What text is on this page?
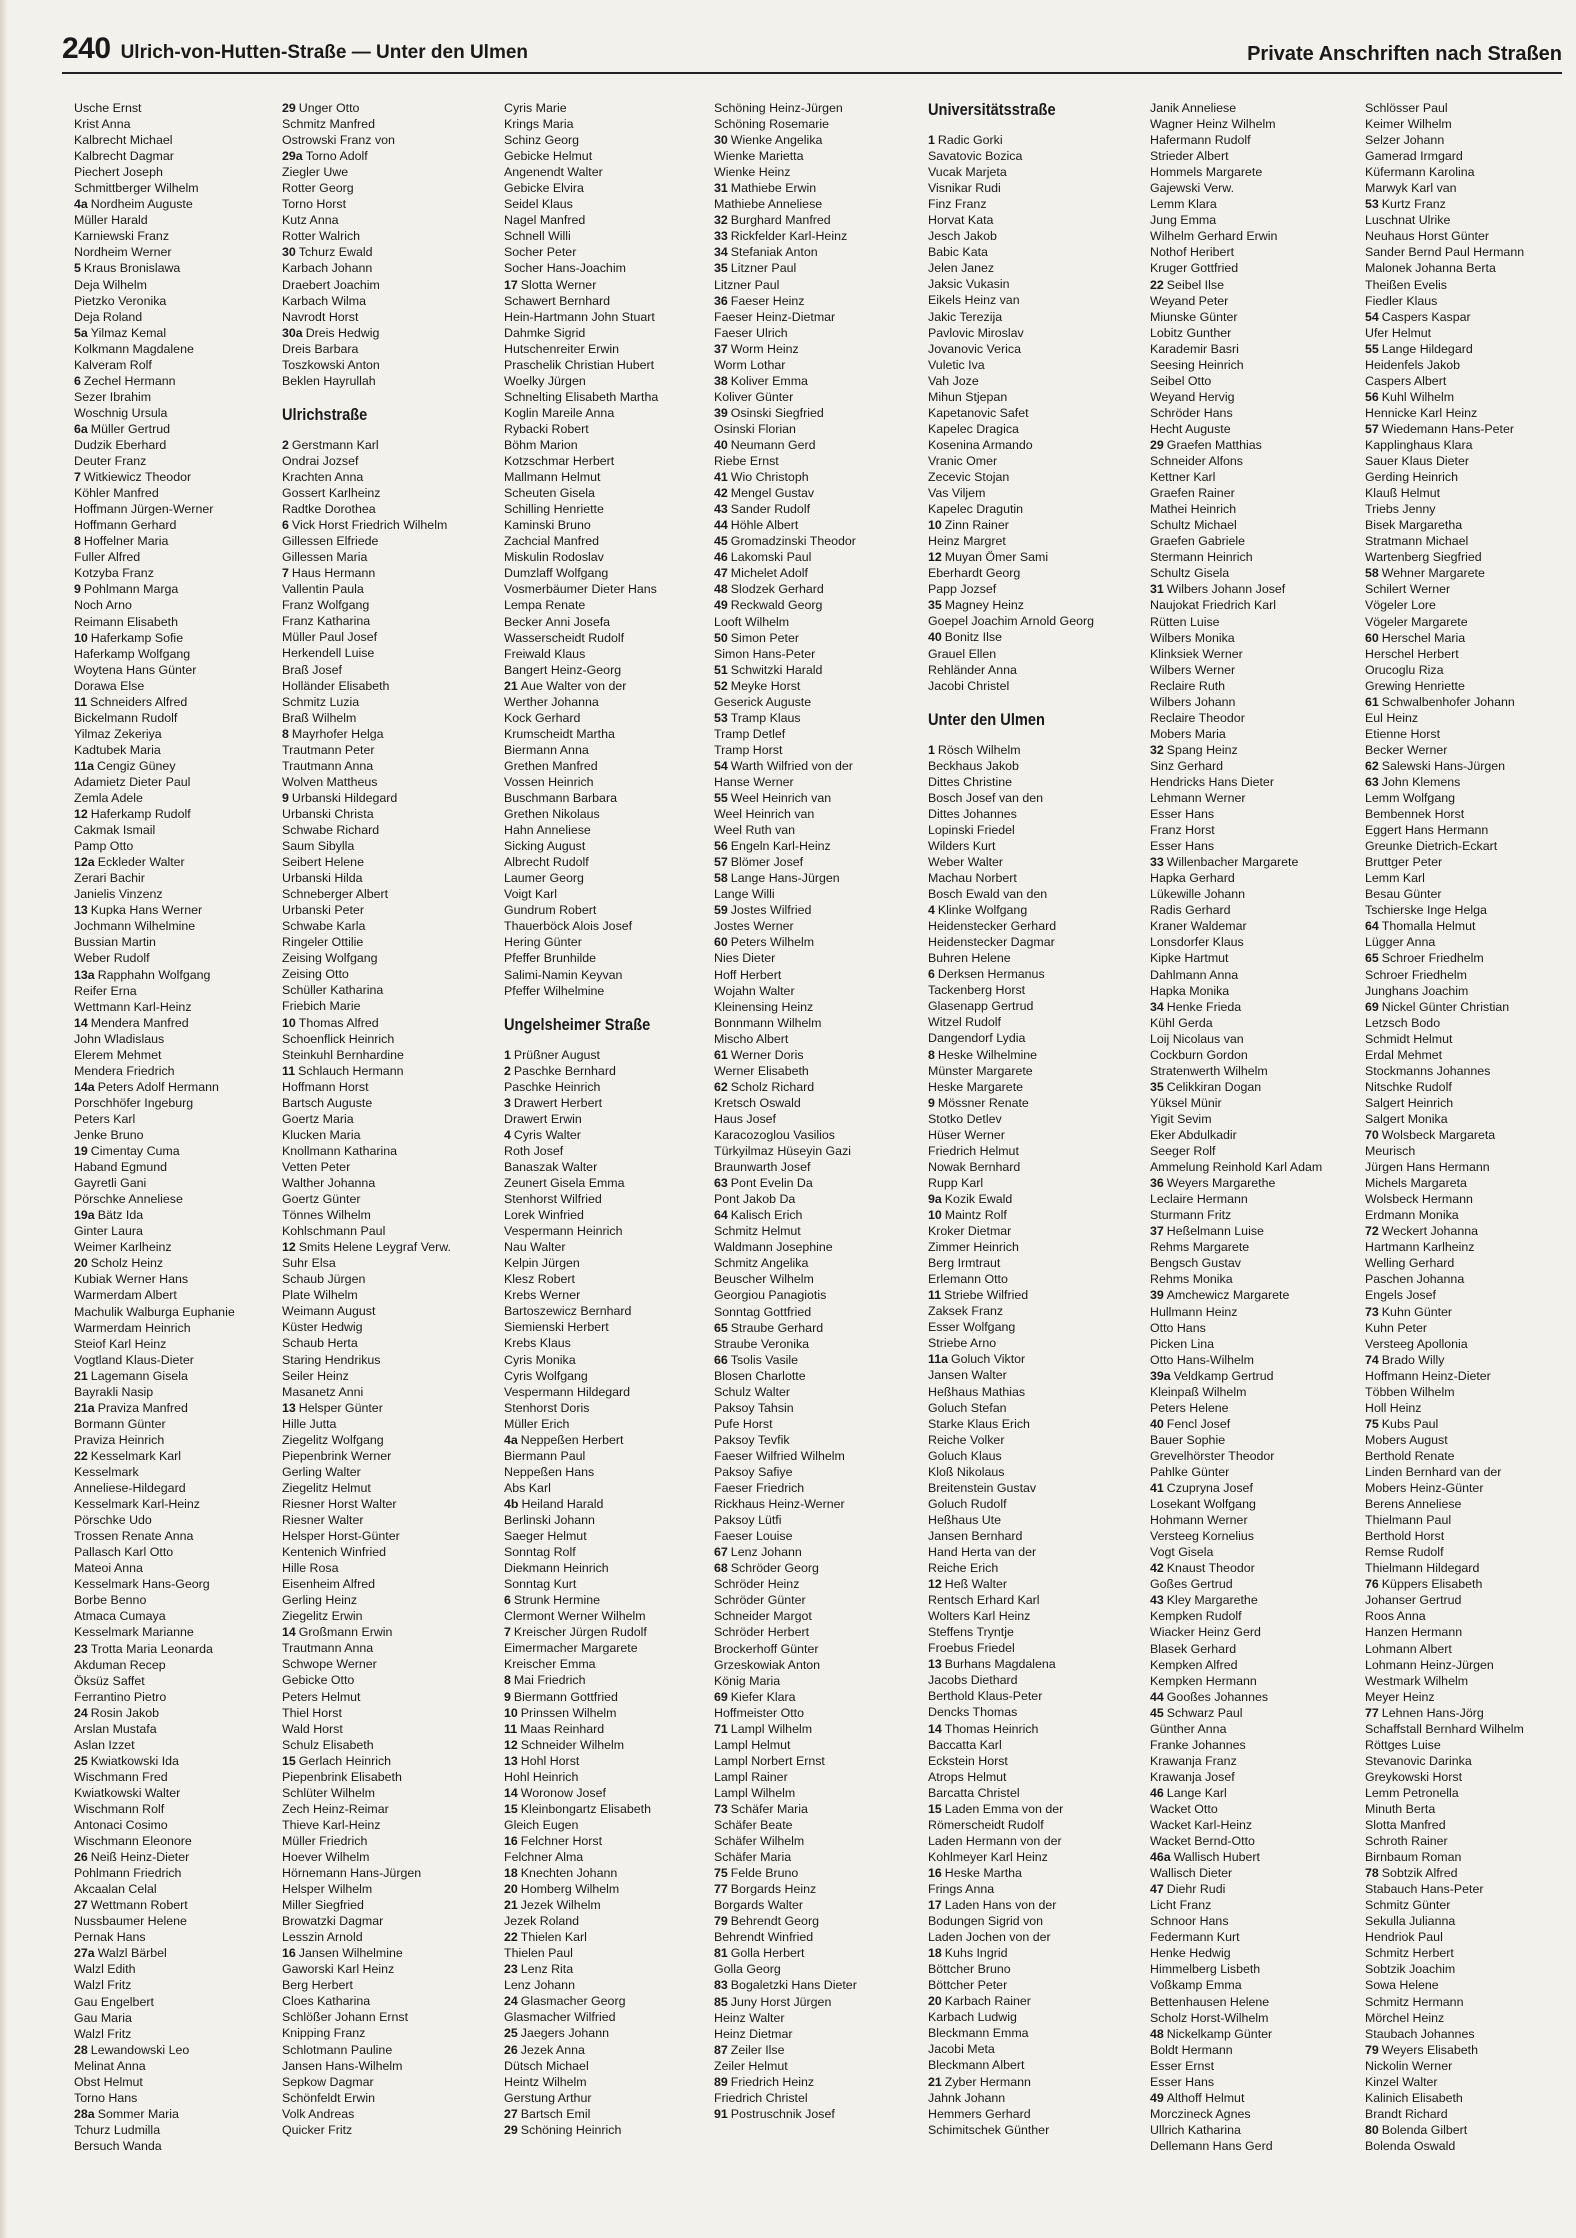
240 Ulrich-von-Hutten-Straße — Unter den Ulmen	Private Anschriften nach Straßen
Usche Ernst
Krist Anna
Kalbrecht Michael
Kalbrecht Dagmar
Piechert Joseph
Schmittberger Wilhelm
4a Nordheim Auguste
Müller Harald
Karniewski Franz
Nordheim Werner
5 Kraus Bronislawa
Deja Wilhelm
Pietzko Veronika
Deja Roland
5a Yilmaz Kemal
Kolkmann Magdalene
Kalveram Rolf
6 Zechel Hermann
Sezer Ibrahim
Woschnig Ursula
6a Müller Gertrud
Dudzik Eberhard
Deuter Franz
7 Witkiewicz Theodor
Köhler Manfred
Hoffmann Jürgen-Werner
Hoffmann Gerhard
8 Hoffelner Maria
Fuller Alfred
Kotzyba Franz
9 Pohlmann Marga
Noch Arno
Reimann Elisabeth
10 Haferkamp Sofie
Haferkamp Wolfgang
Woytena Hans Günter
Dorawa Else
11 Schneiders Alfred
Bickelmann Rudolf
Yilmaz Zekeriya
Kadtubek Maria
11a Cengiz Güney
Adamietz Dieter Paul
Zemla Adele
12 Haferkamp Rudolf
Cakmak Ismail
Pamp Otto
12a Eckleder Walter
Zerari Bachir
Janielis Vinzenz
13 Kupka Hans Werner
Jochmann Wilhelmine
Bussian Martin
Weber Rudolf
13a Rapphahn Wolfgang
Reifer Erna
Wettmann Karl-Heinz
14 Mendera Manfred
John Wladislaus
Elerem Mehmet
Mendera Friedrich
14a Peters Adolf Hermann
Porschhöfer Ingeburg
Peters Karl
Jenke Bruno
19 Cimentay Cuma
Haband Egmund
Gayretli Gani
Pörschke Anneliese
19a Bätz Ida
Ginter Laura
Weimer Karlheinz
20 Scholz Heinz
Kubiak Werner Hans
Warmerdam Albert
Machulik Walburga Euphanie
Warmerdam Heinrich
Steiof Karl Heinz
Vogtland Klaus-Dieter
21 Lagemann Gisela
Bayrakli Nasip
21a Praviza Manfred
Bormann Günter
Praviza Heinrich
22 Kesselmark Karl
Kesselmark
Anneliese-Hildegard
Kesselmark Karl-Heinz
Pörschke Udo
Trossen Renate Anna
Pallasch Karl Otto
Mateoi Anna
Kesselmark Hans-Georg
Borbe Benno
Atmaca Cumaya
Kesselmark Marianne
23 Trotta Maria Leonarda
Akduman Recep
Öksüz Saffet
Ferrantino Pietro
24 Rosin Jakob
Arslan Mustafa
Aslan Izzet
25 Kwiatkowski Ida
Wischmann Fred
Kwiatkowski Walter
Wischmann Rolf
Antonaci Cosimo
Wischmann Eleonore
26 Neiß Heinz-Dieter
Pohlmann Friedrich
Akcaalan Celal
27 Wettmann Robert
Nussbaumer Helene
Pernak Hans
27a Walzl Bärbel
Walzl Edith
Walzl Fritz
Gau Engelbert
Gau Maria
Walzl Fritz
28 Lewandowski Leo
Melinat Anna
Obst Helmut
Torno Hans
28a Sommer Maria
Tchurz Ludmilla
Bersuch Wanda
29 Unger Otto
Schmitz Manfred
Ostrowski Franz von
29a Torno Adolf
Ziegler Uwe
Rotter Georg
Torno Horst
Kutz Anna
Rotter Walrich
30 Tchurz Ewald
Karbach Johann
Draebert Joachim
Karbach Wilma
Navrodt Horst
30a Dreis Hedwig
Dreis Barbara
Toszkowski Anton
Beklen Hayrullah
Ulrichstraße
2 Gerstmann Karl
Ondrai Jozsef
Krachten Anna
Gossert Karlheinz
Radtke Dorothea
6 Vick Horst Friedrich Wilhelm
Gillessen Elfriede
Gillessen Maria
7 Haus Hermann
Vallentin Paula
Franz Wolfgang
Franz Katharina
Müller Paul Josef
Herkendell Luise
Braß Josef
Holländer Elisabeth
Schmitz Luzia
Braß Wilhelm
8 Mayrhofer Helga
Trautmann Peter
Trautmann Anna
Wolven Mattheus
9 Urbanski Hildegard
Urbanski Christa
Schwabe Richard
Saum Sibylla
Seibert Helene
Urbanski Hilda
Schneberger Albert
Urbanski Peter
Schwabe Karla
Ringeler Ottilie
Zeising Wolfgang
Zeising Otto
Schüller Katharina
Friebich Marie
10 Thomas Alfred
Schoenflick Heinrich
Steinkuhl Bernhardine
11 Schlauch Hermann
Hoffmann Horst
Bartsch Auguste
Goertz Maria
Klucken Maria
Knollmann Katharina
Vetten Peter
Walther Johanna
Goertz Günter
Tönnes Wilhelm
Kohlschmann Paul
12 Smits Helene Leygraf Verw.
Suhr Elsa
Schaub Jürgen
Plate Wilhelm
Weimann August
Küster Hedwig
Schaub Herta
Staring Hendrikus
Seiler Heinz
Masanetz Anni
13 Helsper Günter
Hille Jutta
Ziegelitz Wolfgang
Piepenbrink Werner
Gerling Walter
Ziegelitz Helmut
Riesner Horst Walter
Riesner Walter
Helsper Horst-Günter
Kentenich Winfried
Hille Rosa
Eisenheim Alfred
Gerling Heinz
Ziegelitz Erwin
14 Großmann Erwin
Trautmann Anna
Schwope Werner
Gebicke Otto
Peters Helmut
Thiel Horst
Wald Horst
Schulz Elisabeth
15 Gerlach Heinrich
Piepenbrink Elisabeth
Schlüter Wilhelm
Zech Heinz-Reimar
Thieve Karl-Heinz
Müller Friedrich
Hoever Wilhelm
Hörnemann Hans-Jürgen
Helsper Wilhelm
Miller Siegfried
Browatzki Dagmar
Lesszin Arnold
16 Jansen Wilhelmine
Gaworski Karl Heinz
Berg Herbert
Cloes Katharina
Schlößer Johann Ernst
Knipping Franz
Schlotmann Pauline
Jansen Hans-Wilhelm
Sepkow Dagmar
Schönfeldt Erwin
Volk Andreas
Quicker Fritz
Cyris Marie
Krings Maria
Schinz Georg
Gebicke Helmut
Angenendt Walter
Gebicke Elvira
Seidel Klaus
Nagel Manfred
Schnell Willi
Socher Peter
Socher Hans-Joachim
17 Slotta Werner
Schawert Bernhard
Hein-Hartmann John Stuart
Dahmke Sigrid
Hutschenreiter Erwin
Praschelik Christian Hubert
Woelky Jürgen
Schnelting Elisabeth Martha
Koglin Mareile Anna
Rybacki Robert
Böhm Marion
Kotzschmar Herbert
Mallmann Helmut
Scheuten Gisela
Schilling Henriette
Kaminski Bruno
Zachcial Manfred
Miskulin Rodoslav
Dumzlaff Wolfgang
Vosmerbäumer Dieter Hans
Lempa Renate
Becker Anni Josefa
Wasserscheidt Rudolf
Freiwald Klaus
Bangert Heinz-Georg
21 Aue Walter von der
Werther Johanna
Kock Gerhard
Krumscheidt Martha
Biermann Anna
Grethen Manfred
Vossen Heinrich
Buschmann Barbara
Grethen Nikolaus
Hahn Anneliese
Sicking August
Albrecht Rudolf
Laumer Georg
Voigt Karl
Gundrum Robert
Thauerböck Alois Josef
Hering Günter
Pfeffer Brunhilde
Salimi-Namin Keyvan
Pfeffer Wilhelmine
Ungelsheimer Straße
1 Prüßner August
2 Paschke Bernhard
Paschke Heinrich
3 Drawert Herbert
Drawert Erwin
4 Cyris Walter
Roth Josef
Banaszak Walter
Zeunert Gisela Emma
Stenhorst Wilfried
Lorek Winfried
Vespermann Heinrich
Nau Walter
Kelpin Jürgen
Klesz Robert
Krebs Werner
Bartoszewicz Bernhard
Siemienski Herbert
Krebs Klaus
Cyris Monika
Cyris Wolfgang
Vespermann Hildegard
Stenhorst Doris
Müller Erich
4a Neppeßen Herbert
Biermann Paul
Neppeßen Hans
Abs Karl
4b Heiland Harald
Berlinski Johann
Saeger Helmut
Sonntag Rolf
Diekmann Heinrich
Sonntag Kurt
6 Strunk Hermine
Clermont Werner Wilhelm
7 Kreischer Jürgen Rudolf
Eimermacher Margarete
Kreischer Emma
8 Mai Friedrich
9 Biermann Gottfried
10 Prinssen Wilhelm
11 Maas Reinhard
12 Schneider Wilhelm
13 Hohl Horst
Hohl Heinrich
14 Woronow Josef
15 Kleinbongartz Elisabeth
Gleich Eugen
16 Felchner Horst
Felchner Alma
18 Knechten Johann
20 Homberg Wilhelm
21 Jezek Wilhelm
Jezek Roland
22 Thielen Karl
Thielen Paul
23 Lenz Rita
Lenz Johann
24 Glasmacher Georg
Glasmacher Wilfried
25 Jaegers Johann
26 Jezek Anna
Dütsch Michael
Heintz Wilhelm
Gerstung Arthur
27 Bartsch Emil
29 Schöning Heinrich
Schöning Heinz-Jürgen
Schöning Rosemarie
30 Wienke Angelika
Wienke Marietta
Wienke Heinz
31 Mathiebe Erwin
Mathiebe Anneliese
32 Burghard Manfred
33 Rickfelder Karl-Heinz
34 Stefaniak Anton
35 Litzner Paul
Litzner Paul
36 Faeser Heinz
Faeser Heinz-Dietmar
Faeser Ulrich
37 Worm Heinz
Worm Lothar
38 Koliver Emma
Koliver Günter
39 Osinski Siegfried
Osinski Florian
40 Neumann Gerd
Riebe Ernst
41 Wio Christoph
42 Mengel Gustav
43 Sander Rudolf
44 Höhle Albert
45 Gromadzinski Theodor
46 Lakomski Paul
47 Michelet Adolf
48 Slodzek Gerhard
49 Reckwald Georg
Looft Wilhelm
50 Simon Peter
Simon Hans-Peter
51 Schwitzki Harald
52 Meyke Horst
Geserick Auguste
53 Tramp Klaus
Tramp Detlef
Tramp Horst
54 Warth Wilfried von der
Hanse Werner
55 Weel Heinrich van
Weel Heinrich van
Weel Ruth van
56 Engeln Karl-Heinz
57 Blömer Josef
58 Lange Hans-Jürgen
Lange Willi
59 Jostes Wilfried
Jostes Werner
60 Peters Wilhelm
Nies Dieter
Hoff Herbert
Wojahn Walter
Kleinensing Heinz
Bonnmann Wilhelm
Mischo Albert
61 Werner Doris
Werner Elisabeth
62 Scholz Richard
Kretsch Oswald
Haus Josef
Karacozoglou Vasilios
Türkyilmaz Hüseyin Gazi
Braunwarth Josef
63 Pont Evelin Da
Pont Jakob Da
64 Kalisch Erich
Schmitz Helmut
Waldmann Josephine
Schmitz Angelika
Beuscher Wilhelm
Georgiou Panagiotis
Sonntag Gottfried
65 Straube Gerhard
Straube Veronika
66 Tsolis Vasile
Blosen Charlotte
Schulz Walter
Paksoy Tahsin
Pufe Horst
Paksoy Tevfik
Faeser Wilfried Wilhelm
Paksoy Safiye
Faeser Friedrich
Rickhaus Heinz-Werner
Paksoy Lütfi
Faeser Louise
67 Lenz Johann
68 Schröder Georg
Schröder Heinz
Schröder Günter
Schneider Margot
Schröder Herbert
Brockerhoff Günter
Grzeskowiak Anton
König Maria
69 Kiefer Klara
Hoffmeister Otto
71 Lampl Wilhelm
Lampl Helmut
Lampl Norbert Ernst
Lampl Rainer
Lampl Wilhelm
73 Schäfer Maria
Schäfer Beate
Schäfer Wilhelm
Schäfer Maria
75 Felde Bruno
77 Borgards Heinz
Borgards Walter
79 Behrendt Georg
Behrendt Winfried
81 Golla Herbert
Golla Georg
83 Bogaletzki Hans Dieter
85 Juny Horst Jürgen
Heinz Walter
Heinz Dietmar
87 Zeiler Ilse
Zeiler Helmut
89 Friedrich Heinz
Friedrich Christel
91 Postruschnik Josef
Universitätsstraße
1 Radic Gorki
Savatovic Bozica
Vucak Marjeta
Visnikar Rudi
Finz Franz
Horvat Kata
Jesch Jakob
Babic Kata
Jelen Janez
Jaksic Vukasin
Eikels Heinz van
Jakic Terezija
Pavlovic Miroslav
Jovanovic Verica
Vuletic Iva
Vah Joze
Mihun Stjepan
Kapetanovic Safet
Kapelec Dragica
Kosenina Armando
Vranic Omer
Zecevic Stojan
Vas Viljem
Kapelec Dragutin
10 Zinn Rainer
Heinz Margret
12 Muyan Ömer Sami
Eberhardt Georg
Papp Jozsef
35 Magney Heinz
Goepel Joachim Arnold Georg
40 Bonitz Ilse
Grauel Ellen
Rehländer Anna
Jacobi Christel
Unter den Ulmen
1 Rösch Wilhelm
Beckhaus Jakob
Dittes Christine
Bosch Josef van den
Dittes Johannes
Lopinski Friedel
Wilders Kurt
Weber Walter
Machau Norbert
Bosch Ewald van den
4 Klinke Wolfgang
Heidenstecker Gerhard
Heidenstecker Dagmar
Buhren Helene
6 Derksen Hermanus
Tackenberg Horst
Glasenapp Gertrud
Witzel Rudolf
Dangendorf Lydia
8 Heske Wilhelmine
Münster Margarete
Heske Margarete
9 Mössner Renate
Stotko Detlev
Hüser Werner
Friedrich Helmut
Nowak Bernhard
Rupp Karl
9a Kozik Ewald
10 Maintz Rolf
Kroker Dietmar
Zimmer Heinrich
Berg Irmtraut
Erlemann Otto
11 Striebe Wilfried
Zaksek Franz
Esser Wolfgang
Striebe Arno
11a Goluch Viktor
Jansen Walter
Heßhaus Mathias
Goluch Stefan
Starke Klaus Erich
Reiche Volker
Goluch Klaus
Kloß Nikolaus
Breitenstein Gustav
Goluch Rudolf
Heßhaus Ute
Jansen Bernhard
Hand Herta van der
Reiche Erich
12 Heß Walter
Rentsch Erhard Karl
Wolters Karl Heinz
Steffens Tryntje
Froebus Friedel
13 Burhans Magdalena
Jacobs Diethard
Berthold Klaus-Peter
Dencks Thomas
14 Thomas Heinrich
Baccatta Karl
Eckstein Horst
Atrops Helmut
Barcatta Christel
15 Laden Emma von der
Römerscheidt Rudolf
Laden Hermann von der
Kohlmeyer Karl Heinz
16 Heske Martha
Frings Anna
17 Laden Hans von der
Bodungen Sigrid von
Laden Jochen von der
18 Kuhs Ingrid
Böttcher Bruno
Böttcher Peter
20 Karbach Rainer
Karbach Ludwig
Bleckmann Emma
Jacobi Meta
Bleckmann Albert
21 Zyber Hermann
Jahnk Johann
Hemmers Gerhard
Schimitschek Günther
Janik Anneliese
Wagner Heinz Wilhelm
Hafermann Rudolf
Strieder Albert
Hommels Margarete
Gajewski Verw.
Lemm Klara
Jung Emma
Wilhelm Gerhard Erwin
Nothof Heribert
Kruger Gottfried
22 Seibel Ilse
Weyand Peter
Miunske Günter
Lobitz Gunther
Karademir Basri
Seesing Heinrich
Seibel Otto
Weyand Hervig
Schröder Hans
Hecht Auguste
29 Graefen Matthias
Schneider Alfons
Kettner Karl
Graefen Rainer
Mathei Heinrich
Schultz Michael
Graefen Gabriele
Stermann Heinrich
Schultz Gisela
31 Wilbers Johann Josef
Naujokat Friedrich Karl
Rütten Luise
Wilbers Monika
Klinksiek Werner
Wilbers Werner
Reclaire Ruth
Wilbers Johann
Reclaire Theodor
Mobers Maria
32 Spang Heinz
Sinz Gerhard
Hendricks Hans Dieter
Lehmann Werner
Esser Hans
Franz Horst
Esser Hans
33 Willenbacher Margarete
Hapka Gerhard
Lükewille Johann
Radis Gerhard
Kraner Waldemar
Lonsdorfer Klaus
Kipke Hartmut
Dahlmann Anna
Hapka Monika
34 Henke Frieda
Kühl Gerda
Loij Nicolaus van
Cockburn Gordon
Stratenwerth Wilhelm
35 Celikkiran Dogan
Yüksel Münir
Yigit Sevim
Eker Abdulkadir
Seeger Rolf
Ammelung Reinhold Karl Adam
36 Weyers Margarethe
Leclaire Hermann
Sturmann Fritz
37 Heßelmann Luise
Rehms Margarete
Bengsch Gustav
Rehms Monika
39 Amchewicz Margarete
Hullmann Heinz
Otto Hans
Picken Lina
Otto Hans-Wilhelm
39a Veldkamp Gertrud
Kleinpaß Wilhelm
Peters Helene
40 Fencl Josef
Bauer Sophie
Grevelhörster Theodor
Pahlke Günter
41 Czupryna Josef
Losekant Wolfgang
Hohmann Werner
Versteeg Kornelius
Vogt Gisela
42 Knaust Theodor
Goßes Gertrud
43 Kley Margarethe
Kempken Rudolf
Wiacker Heinz Gerd
Blasek Gerhard
Kempken Alfred
Kempken Hermann
44 Gooßes Johannes
45 Schwarz Paul
Günther Anna
Franke Johannes
Krawanja Franz
Krawanja Josef
46 Lange Karl
Wacket Otto
Wacket Karl-Heinz
Wacket Bernd-Otto
46a Wallisch Hubert
Wallisch Dieter
47 Diehr Rudi
Licht Franz
Schnoor Hans
Federmann Kurt
Henke Hedwig
Himmelberg Lisbeth
Voßkamp Emma
Bettenhausen Helene
Scholz Horst-Wilhelm
48 Nickelkamp Günter
Boldt Hermann
Esser Ernst
Esser Hans
49 Althoff Helmut
Morczineck Agnes
Ullrich Katharina
Dellemann Hans Gerd
Schlösser Paul
Keimer Wilhelm
Selzer Johann
Gamerad Irmgard
Küfermann Karolina
Marwyk Karl van
53 Kurtz Franz
Luschnat Ulrike
Neuhaus Horst Günter
Sander Bernd Paul Hermann
Malonek Johanna Berta
Theißen Evelis
Fiedler Klaus
54 Caspers Kaspar
Ufer Helmut
55 Lange Hildegard
Heidenfels Jakob
Caspers Albert
56 Kuhl Wilhelm
Hennicke Karl Heinz
57 Wiedemann Hans-Peter
Kapplinghaus Klara
Sauer Klaus Dieter
Gerding Heinrich
Klauß Helmut
Triebs Jenny
Bisek Margaretha
Stratmann Michael
Wartenberg Siegfried
58 Wehner Margarete
Schilert Werner
Vögeler Lore
Vögeler Margarete
60 Herschel Maria
Herschel Herbert
Orucoglu Riza
Grewing Henriette
61 Schwalbenhofer Johann
Eul Heinz
Etienne Horst
Becker Werner
62 Salewski Hans-Jürgen
63 John Klemens
Lemm Wolfgang
Bembennek Horst
Eggert Hans Hermann
Greunke Dietrich-Eckart
Bruttger Peter
Lemm Karl
Besau Günter
Tschierske Inge Helga
64 Thomalla Helmut
Lügger Anna
65 Schroer Friedhelm
Schroer Friedhelm
Junghans Joachim
69 Nickel Günter Christian
Letzsch Bodo
Schmidt Helmut
Erdal Mehmet
Stockmanns Johannes
Nitschke Rudolf
Salgert Heinrich
Salgert Monika
70 Wolsbeck Margareta
Meurisch
Jürgen Hans Hermann
Michels Margareta
Wolsbeck Hermann
Erdmann Monika
72 Weckert Johanna
Hartmann Karlheinz
Welling Gerhard
Paschen Johanna
Engels Josef
73 Kuhn Günter
Kuhn Peter
Versteeg Apollonia
74 Brado Willy
Hoffmann Heinz-Dieter
Többen Wilhelm
Holl Heinz
75 Kubs Paul
Mobers August
Berthold Renate
Linden Bernhard van der
Mobers Heinz-Günter
Berens Anneliese
Thielmann Paul
Berthold Horst
Remse Rudolf
Thielmann Hildegard
76 Küppers Elisabeth
Johanser Gertrud
Roos Anna
Hanzen Hermann
Lohmann Albert
Lohmann Heinz-Jürgen
Westmark Wilhelm
Meyer Heinz
77 Lehnen Hans-Jörg
Schaffstall Bernhard Wilhelm
Röttges Luise
Stevanovic Darinka
Greykowski Horst
Lemm Petronella
Minuth Berta
Slotta Manfred
Schroth Rainer
Birnbaum Roman
78 Sobtzik Alfred
Stabauch Hans-Peter
Schmitz Günter
Sekulla Julianna
Hendriok Paul
Schmitz Herbert
Sobtzik Joachim
Sowa Helene
Schmitz Hermann
Mörchel Heinz
Staubach Johannes
79 Weyers Elisabeth
Nickolin Werner
Kinzel Walter
Kalinich Elisabeth
Brandt Richard
80 Bolenda Gilbert
Bolenda Oswald
